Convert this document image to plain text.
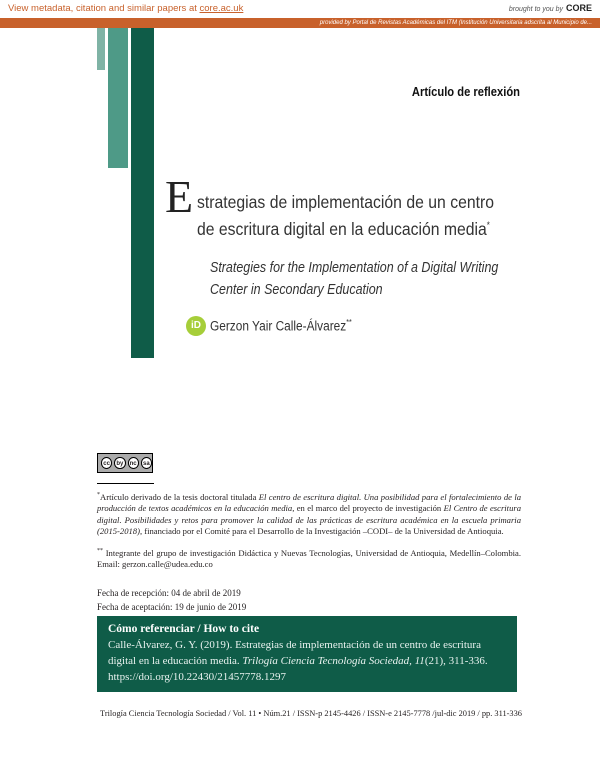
View metadata, citation and similar papers at core.ac.uk	brought to you by CORE
provided by Portal de Revistas Académicas del ITM (Institución Universitaria adscrita al Municipio de...
Artículo de reflexión
E strategias de implementación de un centro de escritura digital en la educación media*
Strategies for the Implementation of a Digital Writing Center in Secondary Education
iD Gerzon Yair Calle-Álvarez**
cc	by	nc	sa
*Artículo derivado de la tesis doctoral titulada El centro de escritura digital. Una posibilidad para el fortalecimiento de la producción de textos académicos en la educación media, en el marco del proyecto de investigación El Centro de escritura digital. Posibilidades y retos para promover la calidad de las prácticas de escritura académica en la escuela primaria (2015-2018), financiado por el Comité para el Desarrollo de la Investigación –CODI– de la Universidad de Antioquia.
** Integrante del grupo de investigación Didáctica y Nuevas Tecnologías, Universidad de Antioquia, Medellín–Colombia. Email: gerzon.calle@udea.edu.co
Fecha de recepción: 04 de abril de 2019
Fecha de aceptación: 19 de junio de 2019
Cómo referenciar / How to cite
Calle-Álvarez, G. Y. (2019). Estrategias de implementación de un centro de escritura digital en la educación media. Trilogía Ciencia Tecnología Sociedad, 11(21), 311-336. https://doi.org/10.22430/21457778.1297
Trilogía Ciencia Tecnología Sociedad / Vol. 11 • Núm.21 / ISSN-p 2145-4426 / ISSN-e 2145-7778 /jul-dic 2019 / pp. 311-336
